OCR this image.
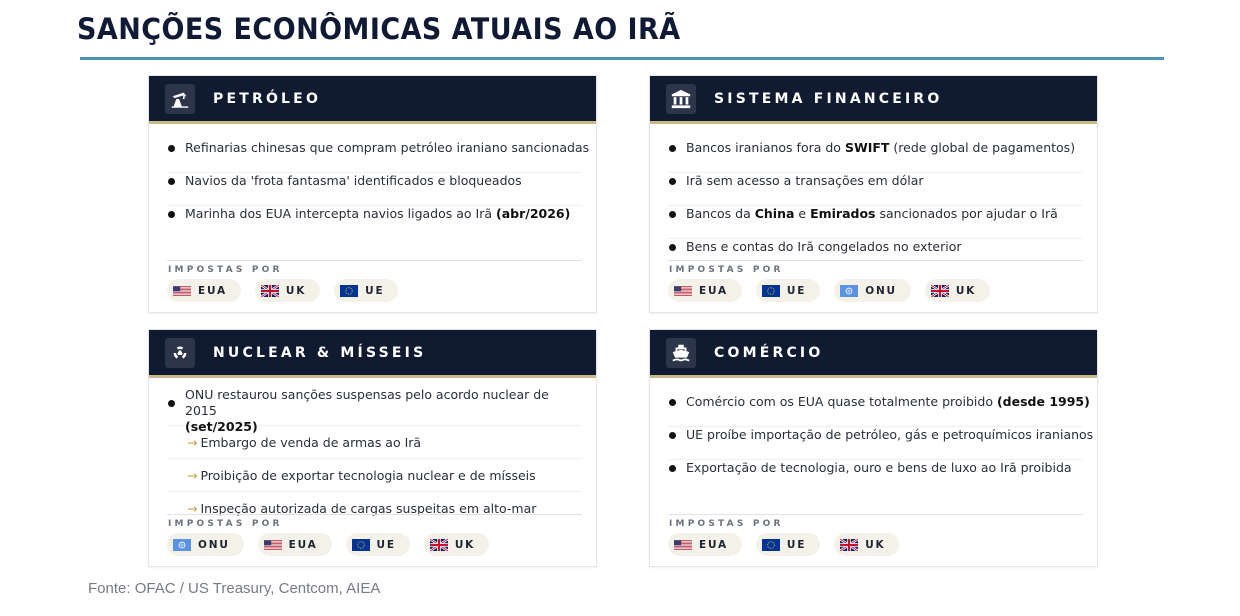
SANÇÕES ECONÔMICAS ATUAIS AO IRÃ
PETRÓLEO
Refinarias chinesas que compram petróleo iraniano sancionadas
Navios da 'frota fantasma' identificados e bloqueados
Marinha dos EUA intercepta navios ligados ao Irã (abr/2026)
IMPOSTAS POR
EUA	UK	UE
SISTEMA FINANCEIRO
Bancos iranianos fora do SWIFT (rede global de pagamentos)
Irã sem acesso a transações em dólar
Bancos da China e Emirados sancionados por ajudar o Irã
Bens e contas do Irã congelados no exterior
IMPOSTAS POR
EUA	UE	ONU	UK
NUCLEAR & MÍSSEIS
ONU restaurou sanções suspensas pelo acordo nuclear de 2015
(set/2025)
→ Embargo de venda de armas ao Irã
→ Proibição de exportar tecnologia nuclear e de mísseis
→ Inspeção autorizada de cargas suspeitas em alto-mar
IMPOSTAS POR
ONU	EUA	UE	UK
COMÉRCIO
Comércio com os EUA quase totalmente proibido (desde 1995)
UE proíbe importação de petróleo, gás e petroquímicos iranianos
Exportação de tecnologia, ouro e bens de luxo ao Irã proibida
IMPOSTAS POR
EUA	UE	UK
Fonte: OFAC / US Treasury, Centcom, AIEA
